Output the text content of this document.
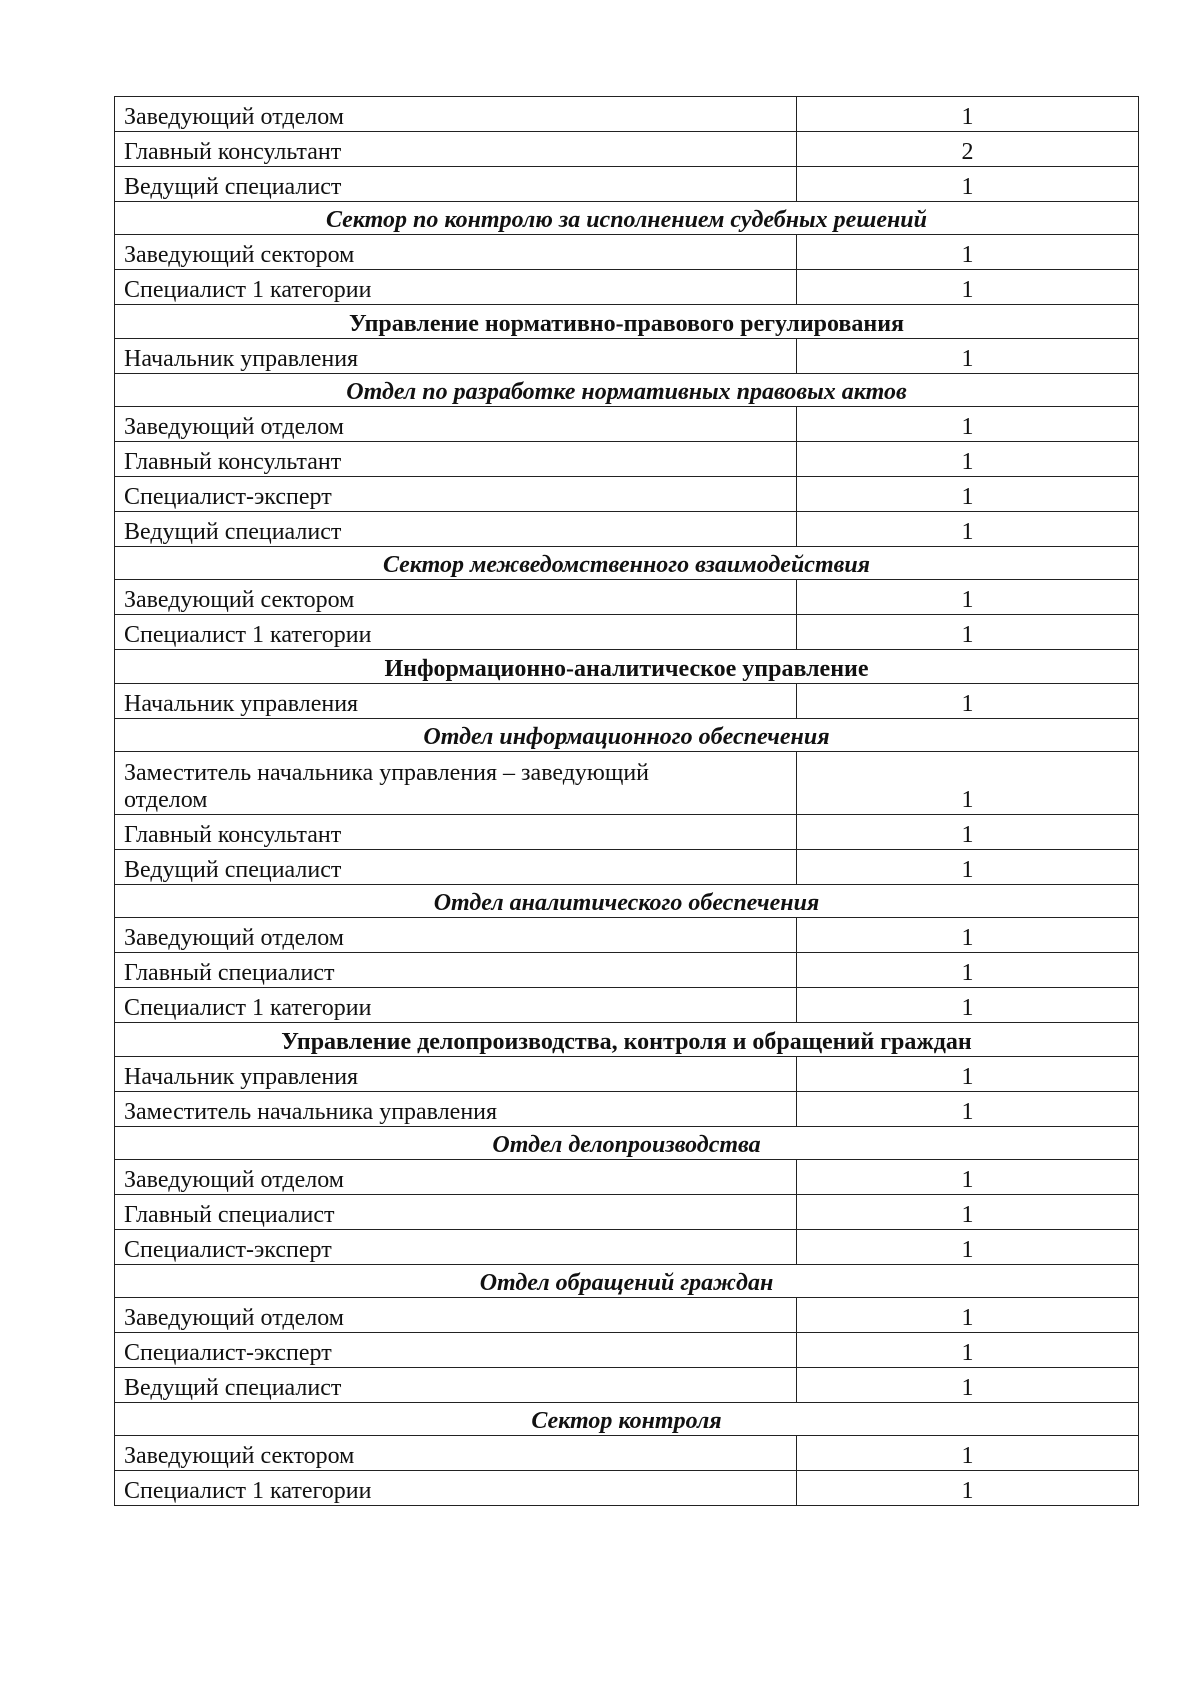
Заведующий отделом	1
Главный консультант	2
Ведущий специалист	1
Сектор по контролю за исполнением судебных решений	
Заведующий сектором	1
Специалист 1 категории	1
Управление нормативно-правового регулирования	
Начальник управления	1
Отдел по разработке нормативных правовых актов	
Заведующий отделом	1
Главный консультант	1
Специалист-эксперт	1
Ведущий специалист	1
Сектор межведомственного взаимодействия	
Заведующий сектором	1
Специалист 1 категории	1
Информационно-аналитическое управление	
Начальник управления	1
Отдел информационного обеспечения	
Заместитель начальника управления – заведующий
отделом	1
Главный консультант	1
Ведущий специалист	1
Отдел аналитического обеспечения	
Заведующий отделом	1
Главный специалист	1
Специалист 1 категории	1
Управление делопроизводства, контроля и обращений граждан	
Начальник управления	1
Заместитель начальника управления	1
Отдел делопроизводства	
Заведующий отделом	1
Главный специалист	1
Специалист-эксперт	1
Отдел обращений граждан	
Заведующий отделом	1
Специалист-эксперт	1
Ведущий специалист	1
Сектор контроля	
Заведующий сектором	1
Специалист 1 категории	1
